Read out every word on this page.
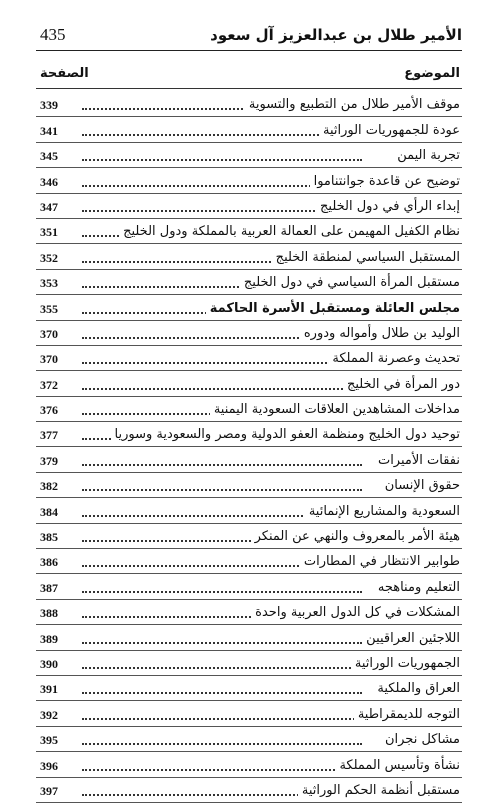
435	الأمير طلال بن عبدالعزيز آل سعود
الموضوع
الصفحة
موقف الأمير طلال من التطبيع والتسوية
339
عودة للجمهوريات الوراثية
341
تجربة اليمن
345
توضيح عن قاعدة جوانتناموا
346
إبداء الرأي في دول الخليج
347
نظام الكفيل المهيمن على العمالة العربية بالمملكة ودول الخليج
351
المستقبل السياسي لمنطقة الخليج
352
مستقبل المرأة السياسي في دول الخليج
353
مجلس العائلة ومستقبل الأسرة الحاكمة
355
الوليد بن طلال وأمواله ودوره
370
تحديث وعصرنة المملكة
370
دور المرأة في الخليج
372
مداخلات المشاهدين العلاقات السعودية اليمنية
376
توحيد دول الخليج ومنظمة العفو الدولية ومصر والسعودية وسوريا
377
نفقات الأميرات
379
حقوق الإنسان
382
السعودية والمشاريع الإنمائية
384
هيئة الأمر بالمعروف والنهي عن المنكر
385
طوابير الانتظار في المطارات
386
التعليم ومناهجه
387
المشكلات في كل الدول العربية واحدة
388
اللاجئين العراقيين
389
الجمهوريات الوراثية
390
العراق والملكية
391
التوجه للديمقراطية
392
مشاكل نجران
395
نشأة وتأسيس المملكة
396
مستقبل أنظمة الحكم الوراثية
397
